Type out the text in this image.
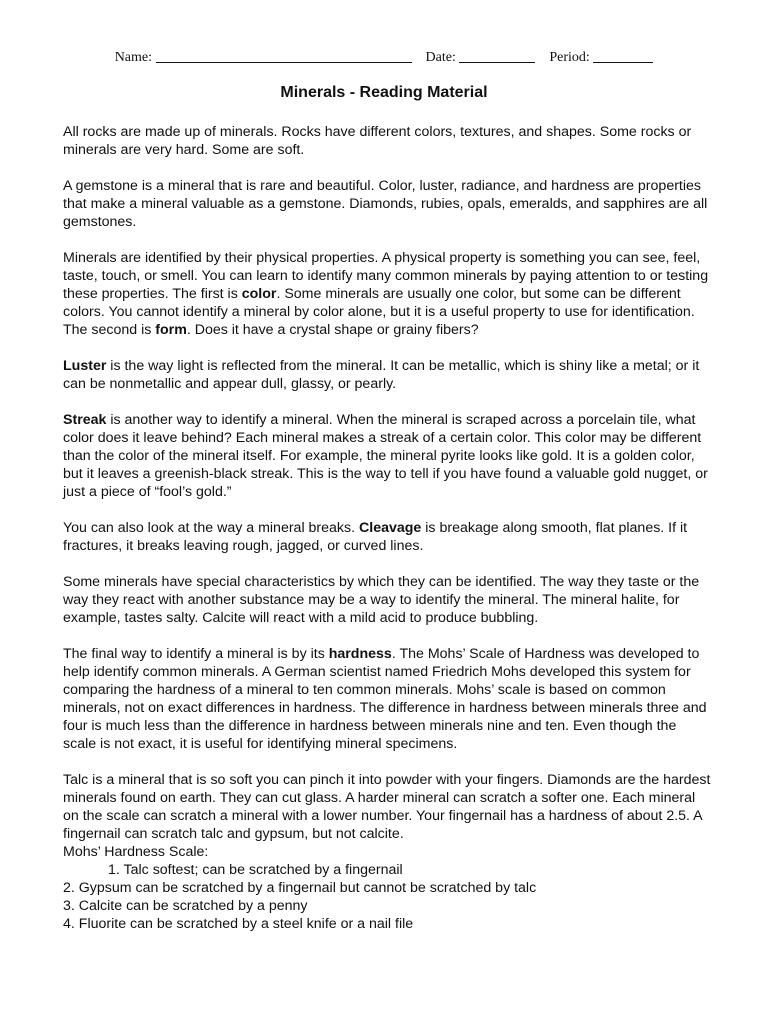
Name:	Date:	Period:
Minerals - Reading Material

All rocks are made up of minerals. Rocks have different colors, textures, and shapes. Some rocks or minerals are very hard. Some are soft.

A gemstone is a mineral that is rare and beautiful. Color, luster, radiance, and hardness are properties that make a mineral valuable as a gemstone. Diamonds, rubies, opals, emeralds, and sapphires are all gemstones.

Minerals are identified by their physical properties. A physical property is something you can see, feel, taste, touch, or smell. You can learn to identify many common minerals by paying attention to or testing these properties. The first is color. Some minerals are usually one color, but some can be different colors. You cannot identify a mineral by color alone, but it is a useful property to use for identification. The second is form. Does it have a crystal shape or grainy fibers?

Luster is the way light is reflected from the mineral. It can be metallic, which is shiny like a metal; or it can be nonmetallic and appear dull, glassy, or pearly.

Streak is another way to identify a mineral. When the mineral is scraped across a porcelain tile, what color does it leave behind? Each mineral makes a streak of a certain color. This color may be different than the color of the mineral itself. For example, the mineral pyrite looks like gold. It is a golden color, but it leaves a greenish-black streak. This is the way to tell if you have found a valuable gold nugget, or just a piece of “fool’s gold.”

You can also look at the way a mineral breaks. Cleavage is breakage along smooth, flat planes. If it fractures, it breaks leaving rough, jagged, or curved lines.

Some minerals have special characteristics by which they can be identified. The way they taste or the way they react with another substance may be a way to identify the mineral. The mineral halite, for example, tastes salty. Calcite will react with a mild acid to produce bubbling.

The final way to identify a mineral is by its hardness. The Mohs’ Scale of Hardness was developed to help identify common minerals. A German scientist named Friedrich Mohs developed this system for comparing the hardness of a mineral to ten common minerals. Mohs’ scale is based on common minerals, not on exact differences in hardness. The difference in hardness between minerals three and four is much less than the difference in hardness between minerals nine and ten. Even though the scale is not exact, it is useful for identifying mineral specimens.

Talc is a mineral that is so soft you can pinch it into powder with your fingers. Diamonds are the hardest minerals found on earth. They can cut glass. A harder mineral can scratch a softer one. Each mineral on the scale can scratch a mineral with a lower number. Your fingernail has a hardness of about 2.5. A fingernail can scratch talc and gypsum, but not calcite.

Mohs’ Hardness Scale:

1. Talc softest; can be scratched by a fingernail

2. Gypsum can be scratched by a fingernail but cannot be scratched by talc

3. Calcite can be scratched by a penny

4. Fluorite can be scratched by a steel knife or a nail file
